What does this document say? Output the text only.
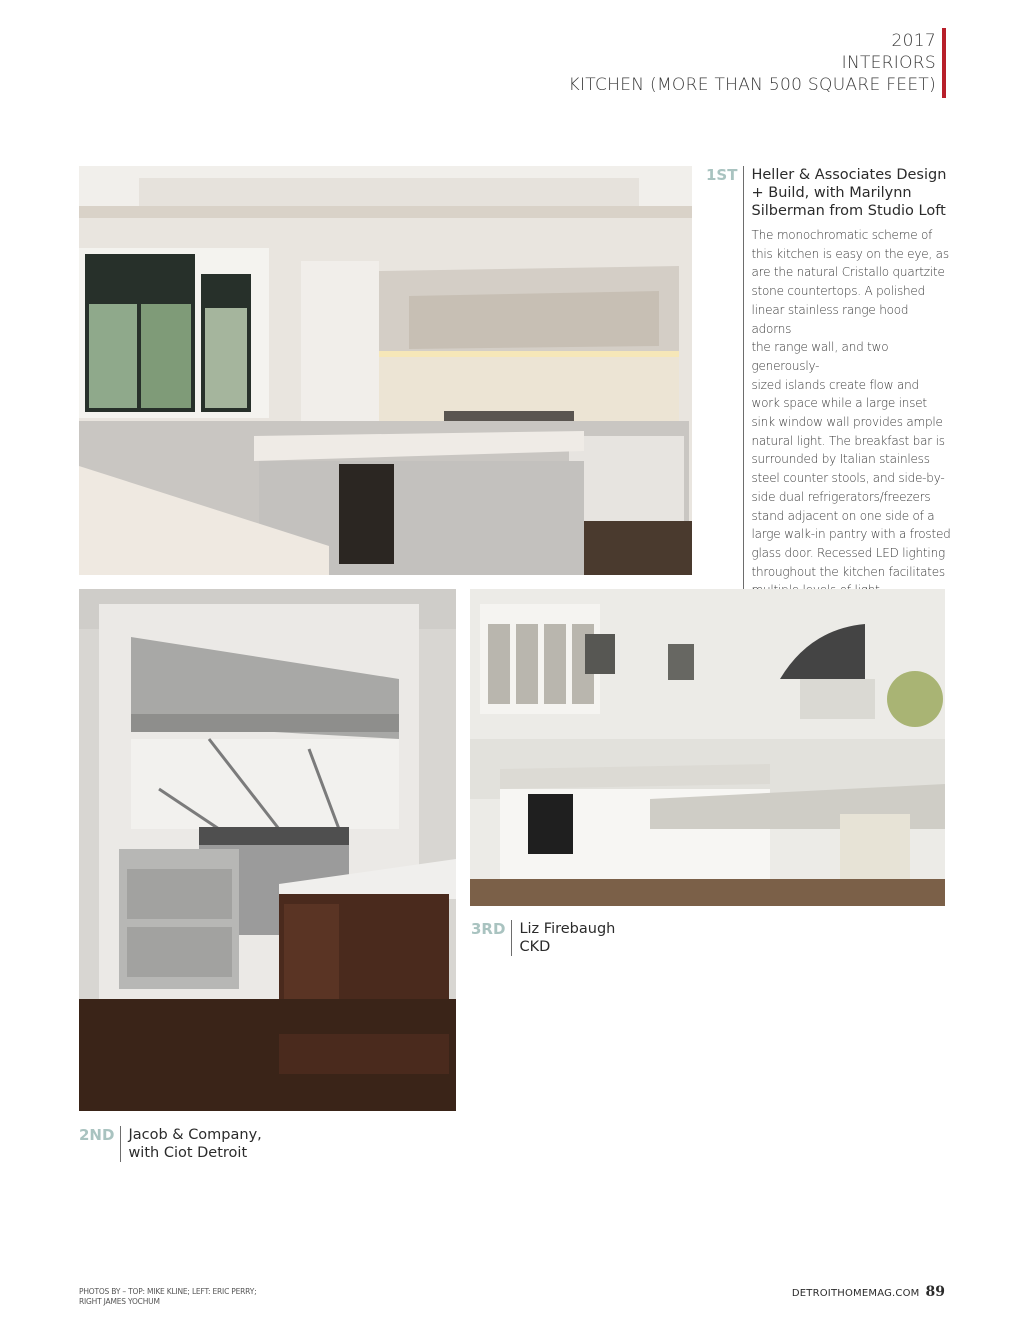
2017
INTERIORS
KITCHEN (MORE THAN 500 SQUARE FEET)
1ST Heller & Associates Design
+ Build, with Marilynn
Silberman from Studio Loft
The monochromatic scheme of
this kitchen is easy on the eye, as
are the natural Cristallo quartzite
stone countertops. A polished
linear stainless range hood adorns
the range wall, and two generously-
sized islands create flow and
work space while a large inset
sink window wall provides ample
natural light. The breakfast bar is
surrounded by Italian stainless
steel counter stools, and side-by-
side dual refrigerators/freezers
stand adjacent on one side of a
large walk-in pantry with a frosted
glass door. Recessed LED lighting
throughout the kitchen facilitates
2ND Jacob & Company,
with Ciot Detroit
3RD Liz Firebaugh
CKD
PHOTOS BY – TOP: MIKE KLINE; LEFT: ERIC PERRY;
RIGHT JAMES YOCHUM
DETROITHOMEMAG.COM 89
